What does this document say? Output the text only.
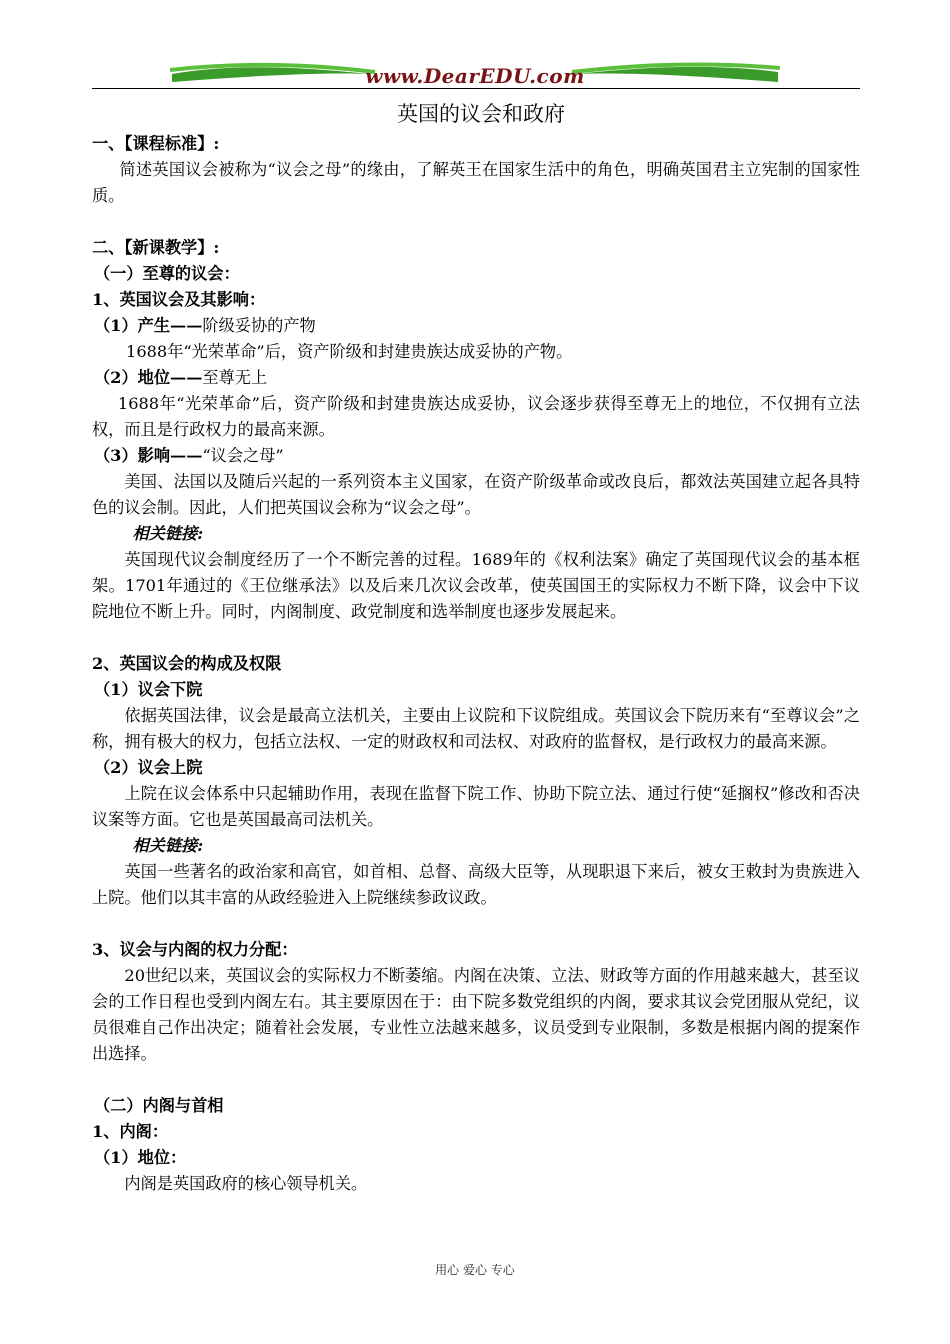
www.DearEDU.com
英国的议会和政府
一、【课程标准】:
简述英国议会被称为“议会之母”的缘由，了解英王在国家生活中的角色，明确英国君主立宪制的国家性质。
二、【新课教学】:
（一）至尊的议会：
1、英国议会及其影响：
（1）产生——阶级妥协的产物
1688年“光荣革命”后，资产阶级和封建贵族达成妥协的产物。
（2）地位——至尊无上
1688年“光荣革命”后，资产阶级和封建贵族达成妥协，议会逐步获得至尊无上的地位，不仅拥有立法权，而且是行政权力的最高来源。
（3）影响——“议会之母”
美国、法国以及随后兴起的一系列资本主义国家，在资产阶级革命或改良后，都效法英国建立起各具特色的议会制。因此，人们把英国议会称为“议会之母”。
相关链接:
英国现代议会制度经历了一个不断完善的过程。1689年的《权利法案》确定了英国现代议会的基本框架。1701年通过的《王位继承法》以及后来几次议会改革，使英国国王的实际权力不断下降，议会中下议院地位不断上升。同时，内阁制度、政党制度和选举制度也逐步发展起来。
2、英国议会的构成及权限
（1）议会下院
依据英国法律，议会是最高立法机关，主要由上议院和下议院组成。英国议会下院历来有“至尊议会”之称，拥有极大的权力，包括立法权、一定的财政权和司法权、对政府的监督权，是行政权力的最高来源。
（2）议会上院
上院在议会体系中只起辅助作用，表现在监督下院工作、协助下院立法、通过行使“延搁权”修改和否决议案等方面。它也是英国最高司法机关。
相关链接:
英国一些著名的政治家和高官，如首相、总督、高级大臣等，从现职退下来后，被女王敕封为贵族进入上院。他们以其丰富的从政经验进入上院继续参政议政。
3、议会与内阁的权力分配：
20世纪以来，英国议会的实际权力不断萎缩。内阁在决策、立法、财政等方面的作用越来越大，甚至议会的工作日程也受到内阁左右。其主要原因在于：由下院多数党组织的内阁，要求其议会党团服从党纪，议员很难自己作出决定；随着社会发展，专业性立法越来越多，议员受到专业限制，多数是根据内阁的提案作出选择。
（二）内阁与首相
1、内阁：
（1）地位：
内阁是英国政府的核心领导机关。
用心 爱心 专心
